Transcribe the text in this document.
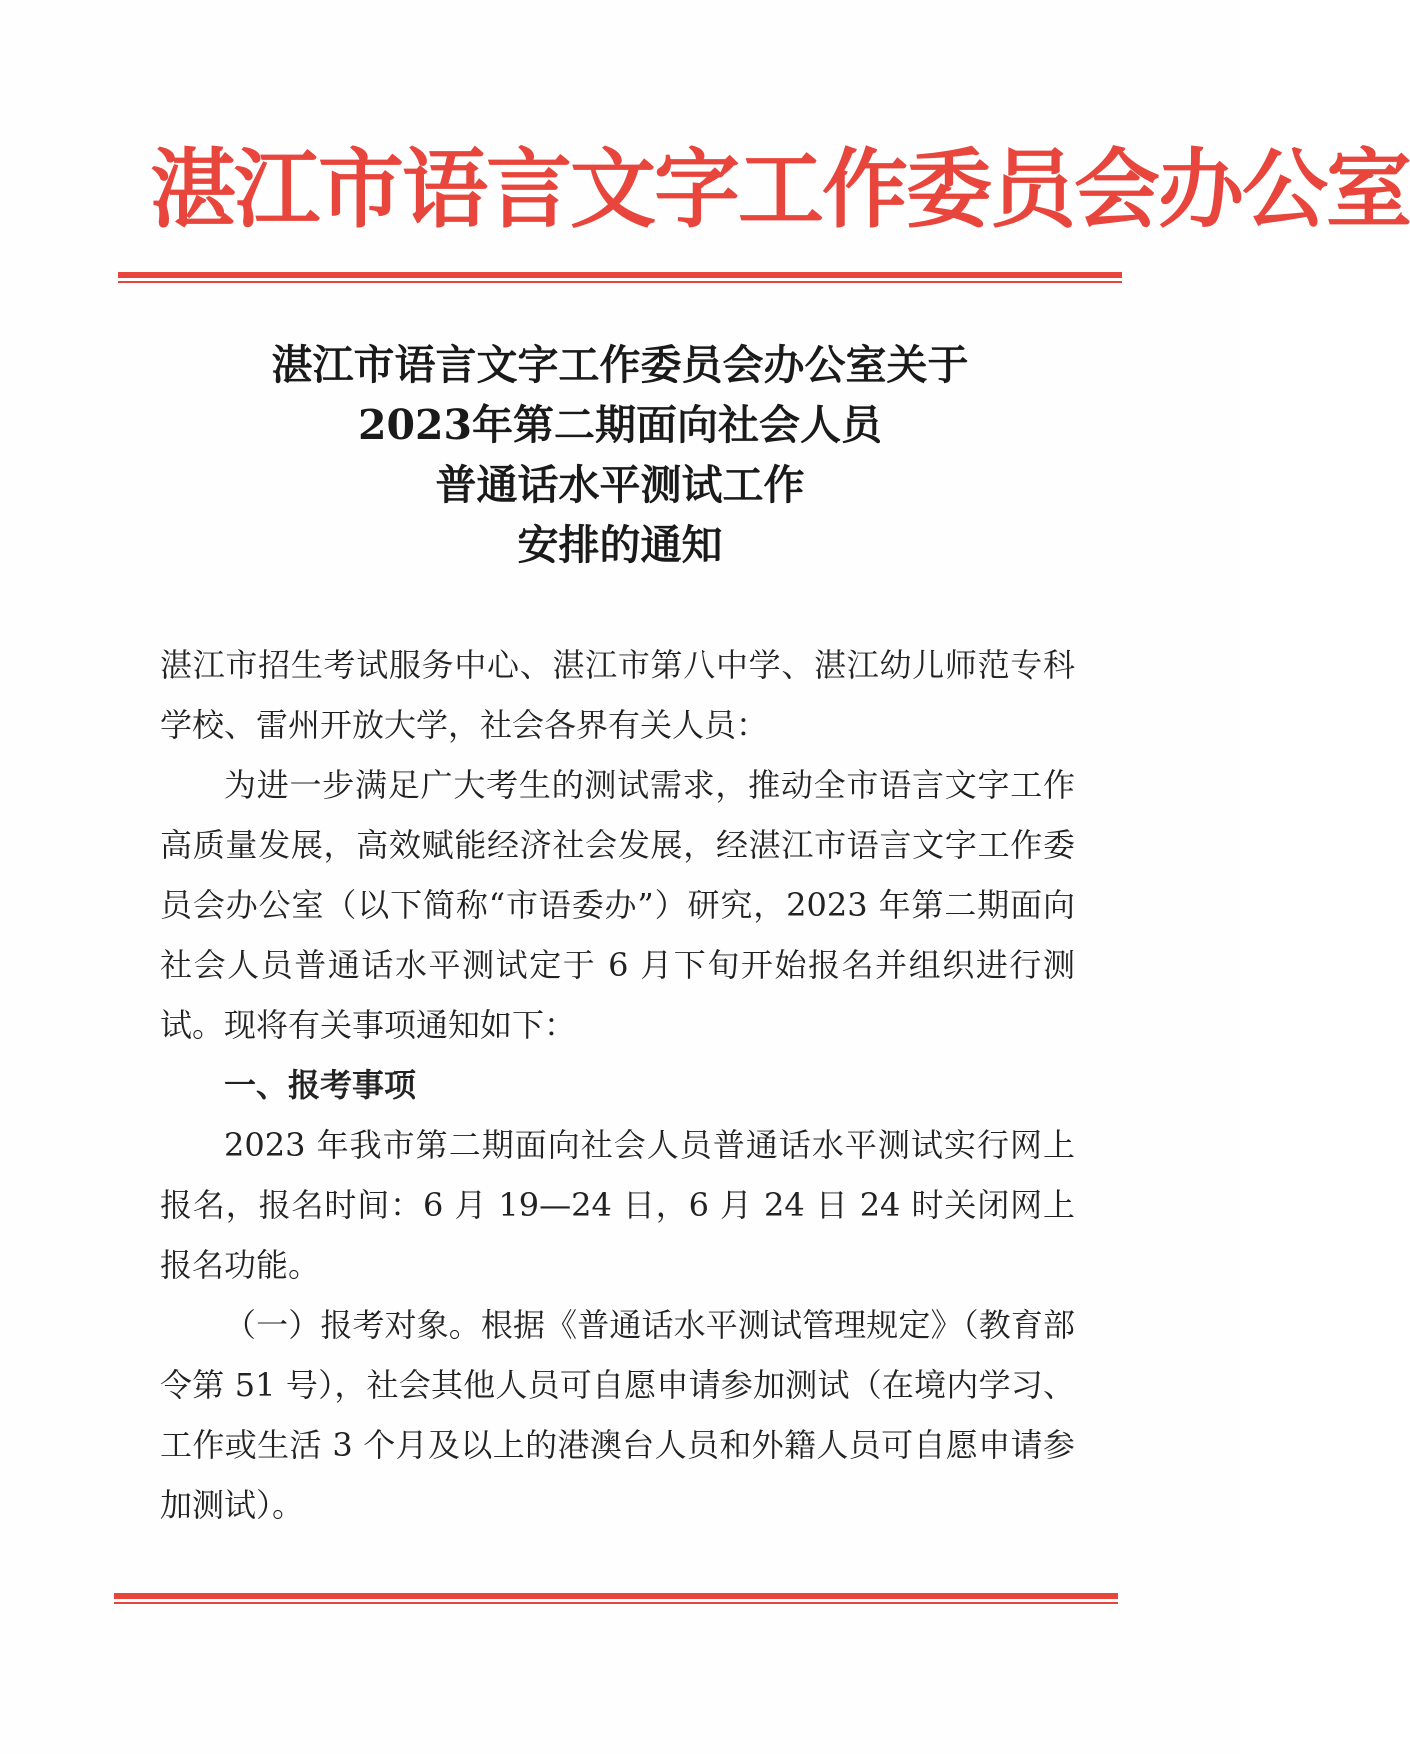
湛江市语言文字工作委员会办公室
湛江市语言文字工作委员会办公室关于
2023年第二期面向社会人员
普通话水平测试工作
安排的通知

湛江市招生考试服务中心、湛江市第八中学、湛江幼儿师范专科学校、雷州开放大学，社会各界有关人员：

为进一步满足广大考生的测试需求，推动全市语言文字工作高质量发展，高效赋能经济社会发展，经湛江市语言文字工作委员会办公室（以下简称“市语委办”）研究，2023 年第二期面向社会人员普通话水平测试定于 6 月下旬开始报名并组织进行测试。现将有关事项通知如下：

一、报考事项

2023 年我市第二期面向社会人员普通话水平测试实行网上报名，报名时间：6 月 19—24 日，6 月 24 日 24 时关闭网上报名功能。

（一）报考对象。根据《普通话水平测试管理规定》（教育部令第 51 号），社会其他人员可自愿申请参加测试（在境内学习、工作或生活 3 个月及以上的港澳台人员和外籍人员可自愿申请参加测试）。
